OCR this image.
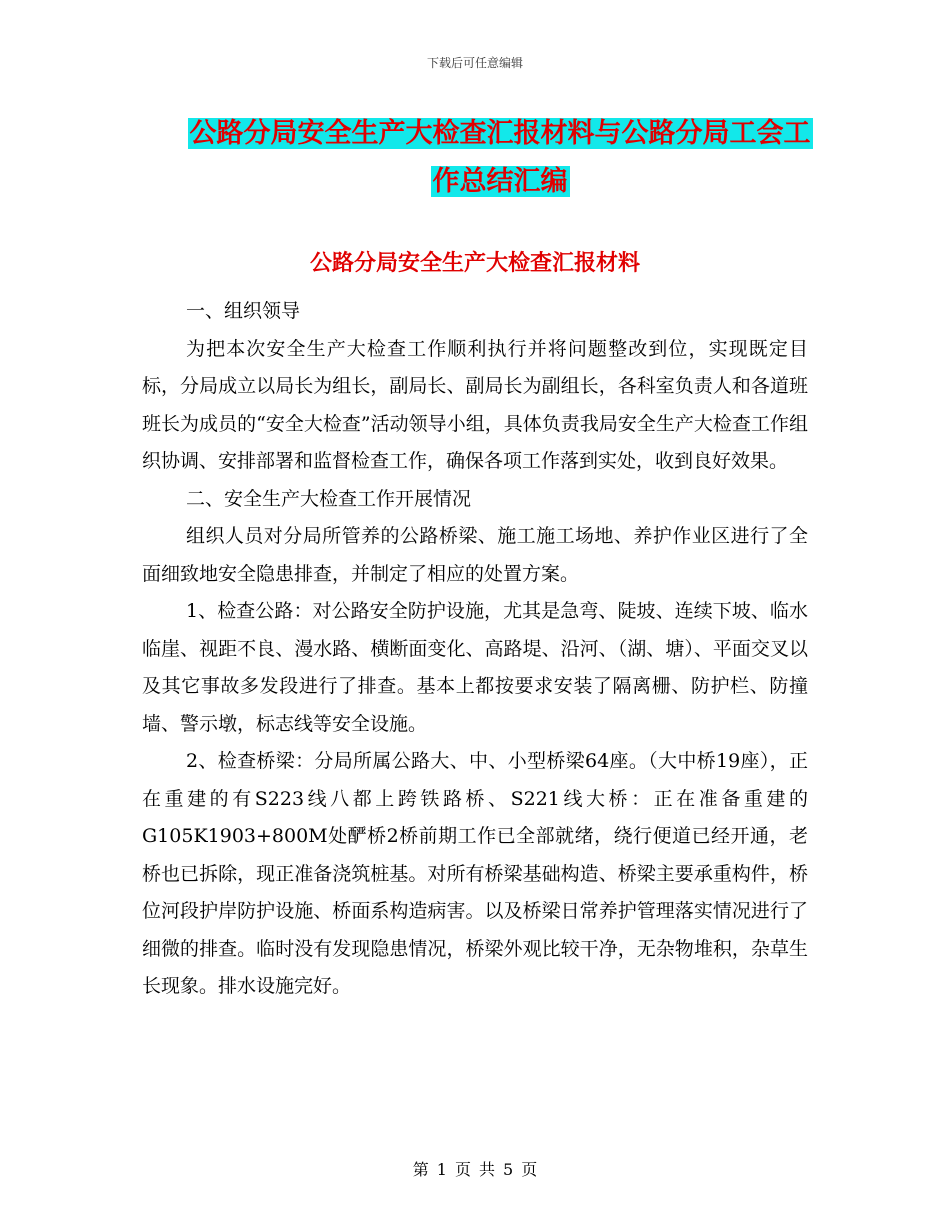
下载后可任意编辑
公路分局安全生产大检查汇报材料与公路分局工会工
作总结汇编
公路分局安全生产大检查汇报材料

一、组织领导

为把本次安全生产大检查工作顺利执行并将问题整改到位，实现既定目标，分局成立以局长为组长，副局长、副局长为副组长，各科室负责人和各道班班长为成员的“安全大检查”活动领导小组，具体负责我局安全生产大检查工作组织协调、安排部署和监督检查工作，确保各项工作落到实处，收到良好效果。

二、安全生产大检查工作开展情况

组织人员对分局所管养的公路桥梁、施工施工场地、养护作业区进行了全面细致地安全隐患排查，并制定了相应的处置方案。

1、检查公路：对公路安全防护设施，尤其是急弯、陡坡、连续下坡、临水临崖、视距不良、漫水路、横断面变化、高路堤、沿河、（湖、塘）、平面交叉以及其它事故多发段进行了排查。基本上都按要求安装了隔离栅、防护栏、防撞墙、警示墩，标志线等安全设施。

2、检查桥梁：分局所属公路大、中、小型桥梁64座。（大中桥19座），正在重建的有S223线八都上跨铁路桥、S221线大桥：正在准备重建的G105K1903+800M处酽桥2桥前期工作已全部就绪，绕行便道已经开通，老桥也已拆除，现正准备浇筑桩基。对所有桥梁基础构造、桥梁主要承重构件，桥位河段护岸防护设施、桥面系构造病害。以及桥梁日常养护管理落实情况进行了细微的排查。临时没有发现隐患情况，桥梁外观比较干净，无杂物堆积，杂草生长现象。排水设施完好。

第 1 页 共 5 页
